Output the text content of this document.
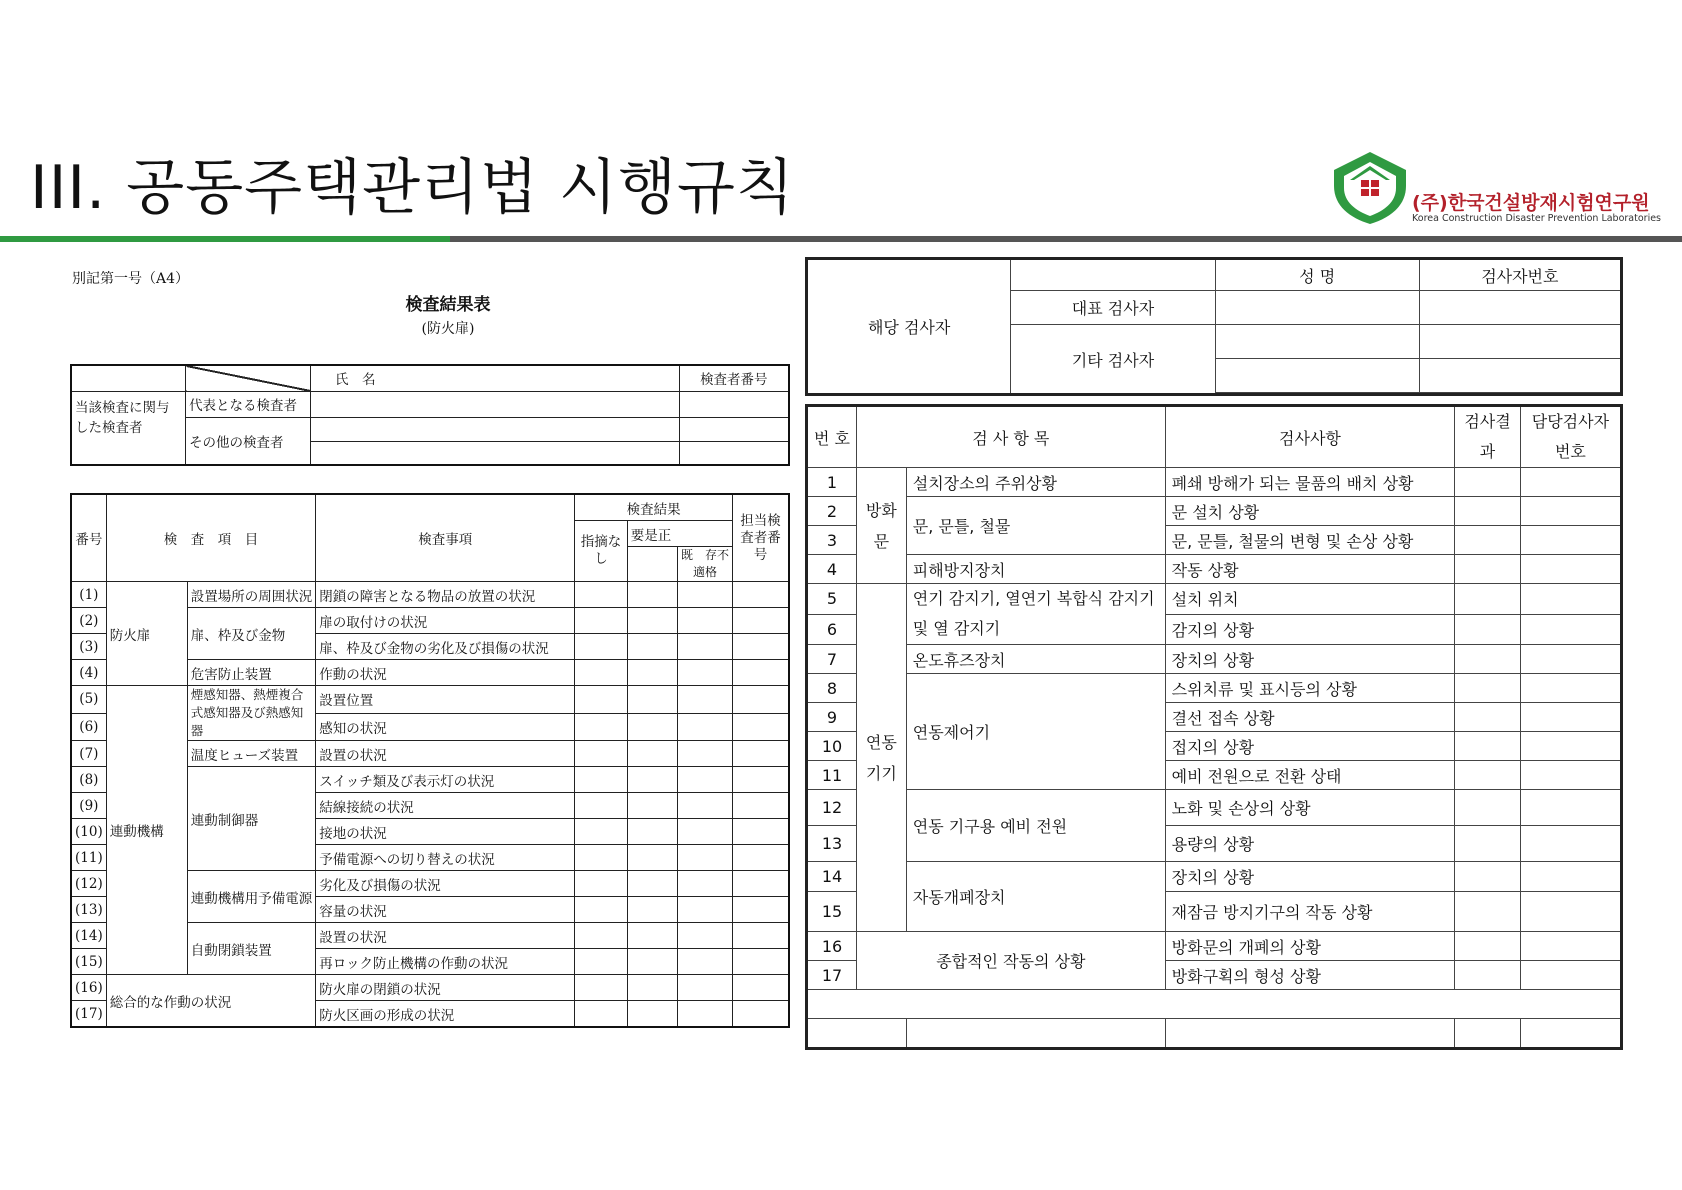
III. 공동주택관리법 시행규칙	(주)한국건설방재시험연구원
Korea Construction Disaster Prevention Laboratories
別記第一号（A4）
検査結果表
(防火扉)
		氏　名	検査者番号
当該検査に関与した検査者	代表となる検査者		
	その他の検査者		

番号	検　査　項　目		検査事項	検査結果			担当検査者番号
				指摘なし	要是正		
						既　存不適格	
(1)	防火扉	設置場所の周囲状況	閉鎖の障害となる物品の放置の状況				
(2)		扉、枠及び金物	扉の取付けの状況				
(3)			扉、枠及び金物の劣化及び損傷の状況				
(4)		危害防止装置	作動の状況				
(5)	連動機構	煙感知器、熱煙複合式感知器及び熱感知器	設置位置				
(6)			感知の状況				
(7)		温度ヒューズ装置	設置の状況				
(8)		連動制御器	スイッチ類及び表示灯の状況				
(9)			結線接続の状況				
(10)			接地の状況				
(11)			予備電源への切り替えの状況				
(12)		連動機構用予備電源	劣化及び損傷の状況				
(13)			容量の状況				
(14)		自動閉鎖装置	設置の状況				
(15)			再ロック防止機構の作動の状況				
(16)	総合的な作動の状況		防火扉の閉鎖の状況				
(17)			防火区画の形成の状況				
해당 검사자		성 명	검사자번호
	대표 검사자		
	기타 검사자		

번 호	검 사 항 목		검사사항	검사결과	담당검사자번호
1	방화문	설치장소의 주위상황	폐쇄 방해가 되는 물품의 배치 상황		
2		문, 문틀, 철물	문 설치 상황		
3			문, 문틀, 철물의 변형 및 손상 상황		
4		피해방지장치	작동 상황		
5	연동기기	연기 감지기, 열연기 복합식 감지기및 열 감지기	설치 위치		
6			감지의 상황		
7		온도휴즈장치	장치의 상황		
8		연동제어기	스위치류 및 표시등의 상황		
9			결선 접속 상황		
10			접지의 상황		
11			예비 전원으로 전환 상태		
12		연동 기구용 예비 전원	노화 및 손상의 상황		
13			용량의 상황		
14		자동개폐장치	장치의 상황		
15			재잠금 방지기구의 작동 상황		
16	종합적인 작동의 상황		방화문의 개폐의 상황		
17			방화구획의 형성 상황		
